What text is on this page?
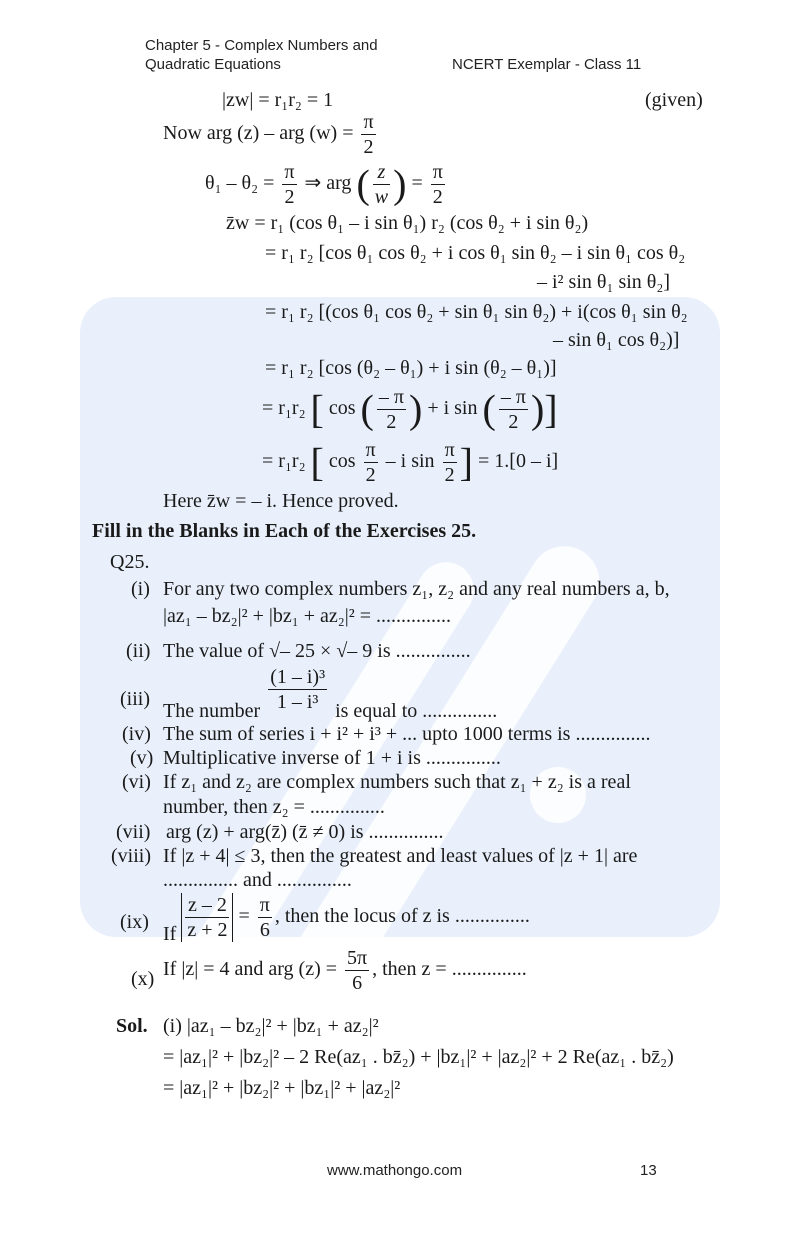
Chapter 5 - Complex Numbers and
Quadratic Equations	NCERT Exemplar - Class 11
|zw| = r₁r₂ = 1	(given)
Now arg (z) – arg $(w) = \frac{\pi}{2}$
$\theta_1 - \theta_2 = \frac{\pi}{2}$ ⇒ arg ( $\frac{z}{w}$ ) = $\frac{\pi}{2}$
z̄w = r₁ (cos θ₁ – i sin θ₁) r₂ (cos θ₂ + i sin θ₂)
= r₁ r₂ [cos θ₁ cos θ₂ + i cos θ₁ sin θ₂ – i sin θ₁ cos θ₂
– i² sin θ₁ sin θ₂]
= r₁ r₂ [(cos θ₁ cos θ₂ + sin θ₁ sin θ₂) + i(cos θ₁ sin θ₂
– sin θ₁ cos θ₂)]
= r₁ r₂ [cos (θ₂ – θ₁) + i sin (θ₂ – θ₁)]
= r₁r₂ [ cos ( $\frac{- \pi}{2}$ ) + i sin ( $\frac{- \pi}{2}$ )]
= r₁r₂ [ $\cos \frac{\pi}{2}$ – i $\sin \frac{\pi}{2}$ ] = 1.[0 – i]
Here z̄w = – i. Hence proved.
Fill in the Blanks in Each of the Exercises 25.
Q25.
(i) For any two complex numbers z₁, z₂ and any real numbers a, b,
|az₁ – bz₂|² + |bz₁ + az₂|² = ...............
(ii) The value of √– 25 × √– 9 is ...............
(iii)
The number $\frac{\text{(1 – i)³}}{\text{1 – i³}}$ is equal to ...............
(iv) The sum of series i + i² + i³ + ... upto 1000 terms is ...............
(v) Multiplicative inverse of 1 + i is ...............
(vi) If z₁ and z₂ are complex numbers such that z₁ + z₂ is a real
number, then z₂ = ...............
(vii) arg (z) + arg(z̄) (z̄ ≠ 0) is ...............
(viii) If |z + 4| ≤ 3, then the greatest and least values of |z + 1| are
............... and ...............
(ix)
If $\frac{z - 2}{z + 2} = \frac{\pi}{6}$ , then the locus of z is ...............
(x) If |z| = 4 and arg $(z) = \frac{5\pi}{6}$ , then z = ...............
Sol. (i) |az₁ – bz₂|² + |bz₁ + az₂|²
= |az₁|² + |bz₂|² – 2 Re(az₁ . bz̄₂) + |bz₁|² + |az₂|² + 2 Re(az₁ . bz̄₂)
= |az₁|² + |bz₂|² + |bz₁|² + |az₂|²
www.mathongo.com	13
